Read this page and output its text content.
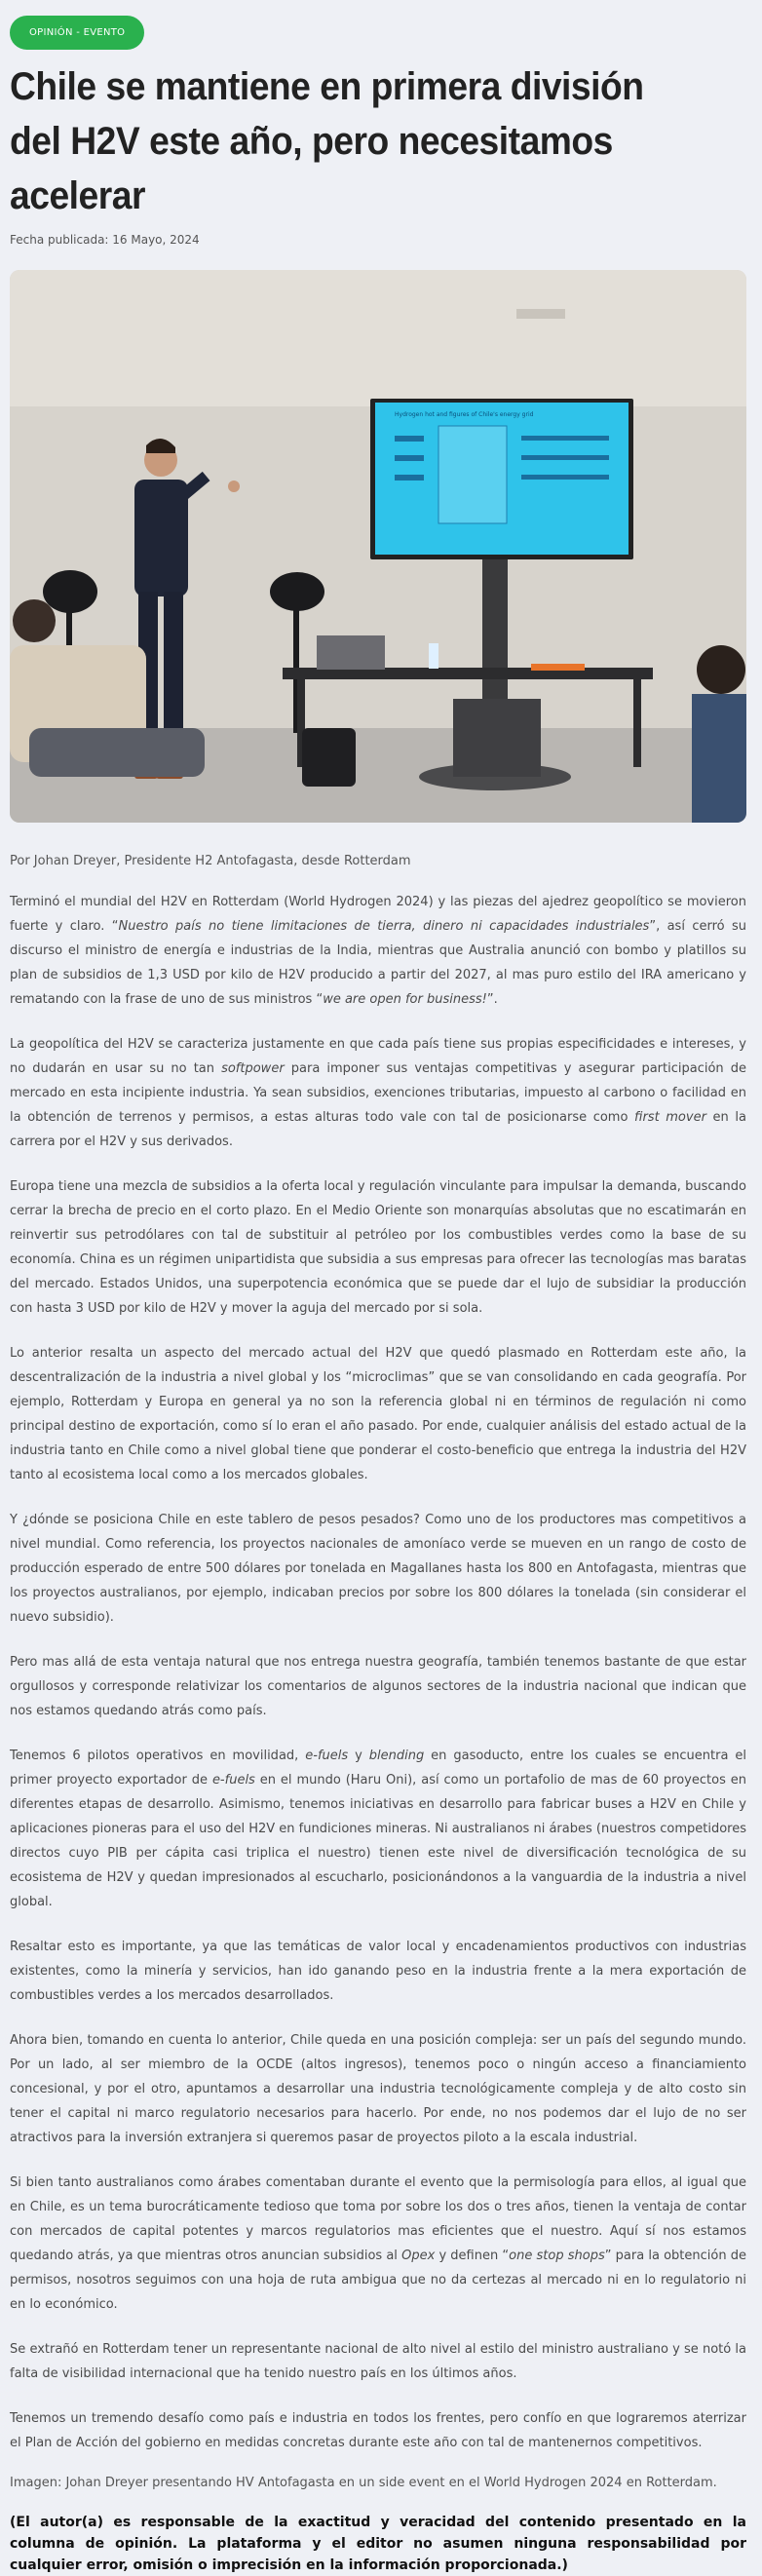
OPINIÓN - EVENTO
Chile se mantiene en primera división del H2V este año, pero necesitamos acelerar
Fecha publicada: 16 Mayo, 2024
Hydrogen hot and figures of Chile's energy grid
Por Johan Dreyer, Presidente H2 Antofagasta, desde Rotterdam

Terminó el mundial del H2V en Rotterdam (World Hydrogen 2024) y las piezas del ajedrez geopolítico se movieron fuerte y claro. “Nuestro país no tiene limitaciones de tierra, dinero ni capacidades industriales”, así cerró su discurso el ministro de energía e industrias de la India, mientras que Australia anunció con bombo y platillos su plan de subsidios de 1,3 USD por kilo de H2V producido a partir del 2027, al mas puro estilo del IRA americano y rematando con la frase de uno de sus ministros “we are open for business!”.

La geopolítica del H2V se caracteriza justamente en que cada país tiene sus propias especificidades e intereses, y no dudarán en usar su no tan softpower para imponer sus ventajas competitivas y asegurar participación de mercado en esta incipiente industria. Ya sean subsidios, exenciones tributarias, impuesto al carbono o facilidad en la obtención de terrenos y permisos, a estas alturas todo vale con tal de posicionarse como first mover en la carrera por el H2V y sus derivados.

Europa tiene una mezcla de subsidios a la oferta local y regulación vinculante para impulsar la demanda, buscando cerrar la brecha de precio en el corto plazo. En el Medio Oriente son monarquías absolutas que no escatimarán en reinvertir sus petrodólares con tal de substituir al petróleo por los combustibles verdes como la base de su economía. China es un régimen unipartidista que subsidia a sus empresas para ofrecer las tecnologías mas baratas del mercado. Estados Unidos, una superpotencia económica que se puede dar el lujo de subsidiar la producción con hasta 3 USD por kilo de H2V y mover la aguja del mercado por si sola.

Lo anterior resalta un aspecto del mercado actual del H2V que quedó plasmado en Rotterdam este año, la descentralización de la industria a nivel global y los “microclimas” que se van consolidando en cada geografía. Por ejemplo, Rotterdam y Europa en general ya no son la referencia global ni en términos de regulación ni como principal destino de exportación, como sí lo eran el año pasado. Por ende, cualquier análisis del estado actual de la industria tanto en Chile como a nivel global tiene que ponderar el costo-beneficio que entrega la industria del H2V tanto al ecosistema local como a los mercados globales.

Y ¿dónde se posiciona Chile en este tablero de pesos pesados? Como uno de los productores mas competitivos a nivel mundial. Como referencia, los proyectos nacionales de amoníaco verde se mueven en un rango de costo de producción esperado de entre 500 dólares por tonelada en Magallanes hasta los 800 en Antofagasta, mientras que los proyectos australianos, por ejemplo, indicaban precios por sobre los 800 dólares la tonelada (sin considerar el nuevo subsidio).

Pero mas allá de esta ventaja natural que nos entrega nuestra geografía, también tenemos bastante de que estar orgullosos y corresponde relativizar los comentarios de algunos sectores de la industria nacional que indican que nos estamos quedando atrás como país.

Tenemos 6 pilotos operativos en movilidad, e-fuels y blending en gasoducto, entre los cuales se encuentra el primer proyecto exportador de e-fuels en el mundo (Haru Oni), así como un portafolio de mas de 60 proyectos en diferentes etapas de desarrollo. Asimismo, tenemos iniciativas en desarrollo para fabricar buses a H2V en Chile y aplicaciones pioneras para el uso del H2V en fundiciones mineras. Ni australianos ni árabes (nuestros competidores directos cuyo PIB per cápita casi triplica el nuestro) tienen este nivel de diversificación tecnológica de su ecosistema de H2V y quedan impresionados al escucharlo, posicionándonos a la vanguardia de la industria a nivel global.

Resaltar esto es importante, ya que las temáticas de valor local y encadenamientos productivos con industrias existentes, como la minería y servicios, han ido ganando peso en la industria frente a la mera exportación de combustibles verdes a los mercados desarrollados.

Ahora bien, tomando en cuenta lo anterior, Chile queda en una posición compleja: ser un país del segundo mundo. Por un lado, al ser miembro de la OCDE (altos ingresos), tenemos poco o ningún acceso a financiamiento concesional, y por el otro, apuntamos a desarrollar una industria tecnológicamente compleja y de alto costo sin tener el capital ni marco regulatorio necesarios para hacerlo. Por ende, no nos podemos dar el lujo de no ser atractivos para la inversión extranjera si queremos pasar de proyectos piloto a la escala industrial.

Si bien tanto australianos como árabes comentaban durante el evento que la permisología para ellos, al igual que en Chile, es un tema burocráticamente tedioso que toma por sobre los dos o tres años, tienen la ventaja de contar con mercados de capital potentes y marcos regulatorios mas eficientes que el nuestro. Aquí sí nos estamos quedando atrás, ya que mientras otros anuncian subsidios al Opex y definen “one stop shops” para la obtención de permisos, nosotros seguimos con una hoja de ruta ambigua que no da certezas al mercado ni en lo regulatorio ni en lo económico.

Se extrañó en Rotterdam tener un representante nacional de alto nivel al estilo del ministro australiano y se notó la falta de visibilidad internacional que ha tenido nuestro país en los últimos años.

Tenemos un tremendo desafío como país e industria en todos los frentes, pero confío en que lograremos aterrizar el Plan de Acción del gobierno en medidas concretas durante este año con tal de mantenernos competitivos.

Imagen: Johan Dreyer presentando HV Antofagasta en un side event en el World Hydrogen 2024 en Rotterdam.

(El autor(a) es responsable de la exactitud y veracidad del contenido presentado en la columna de opinión. La plataforma y el editor no asumen ninguna responsabilidad por cualquier error, omisión o imprecisión en la información proporcionada.)
